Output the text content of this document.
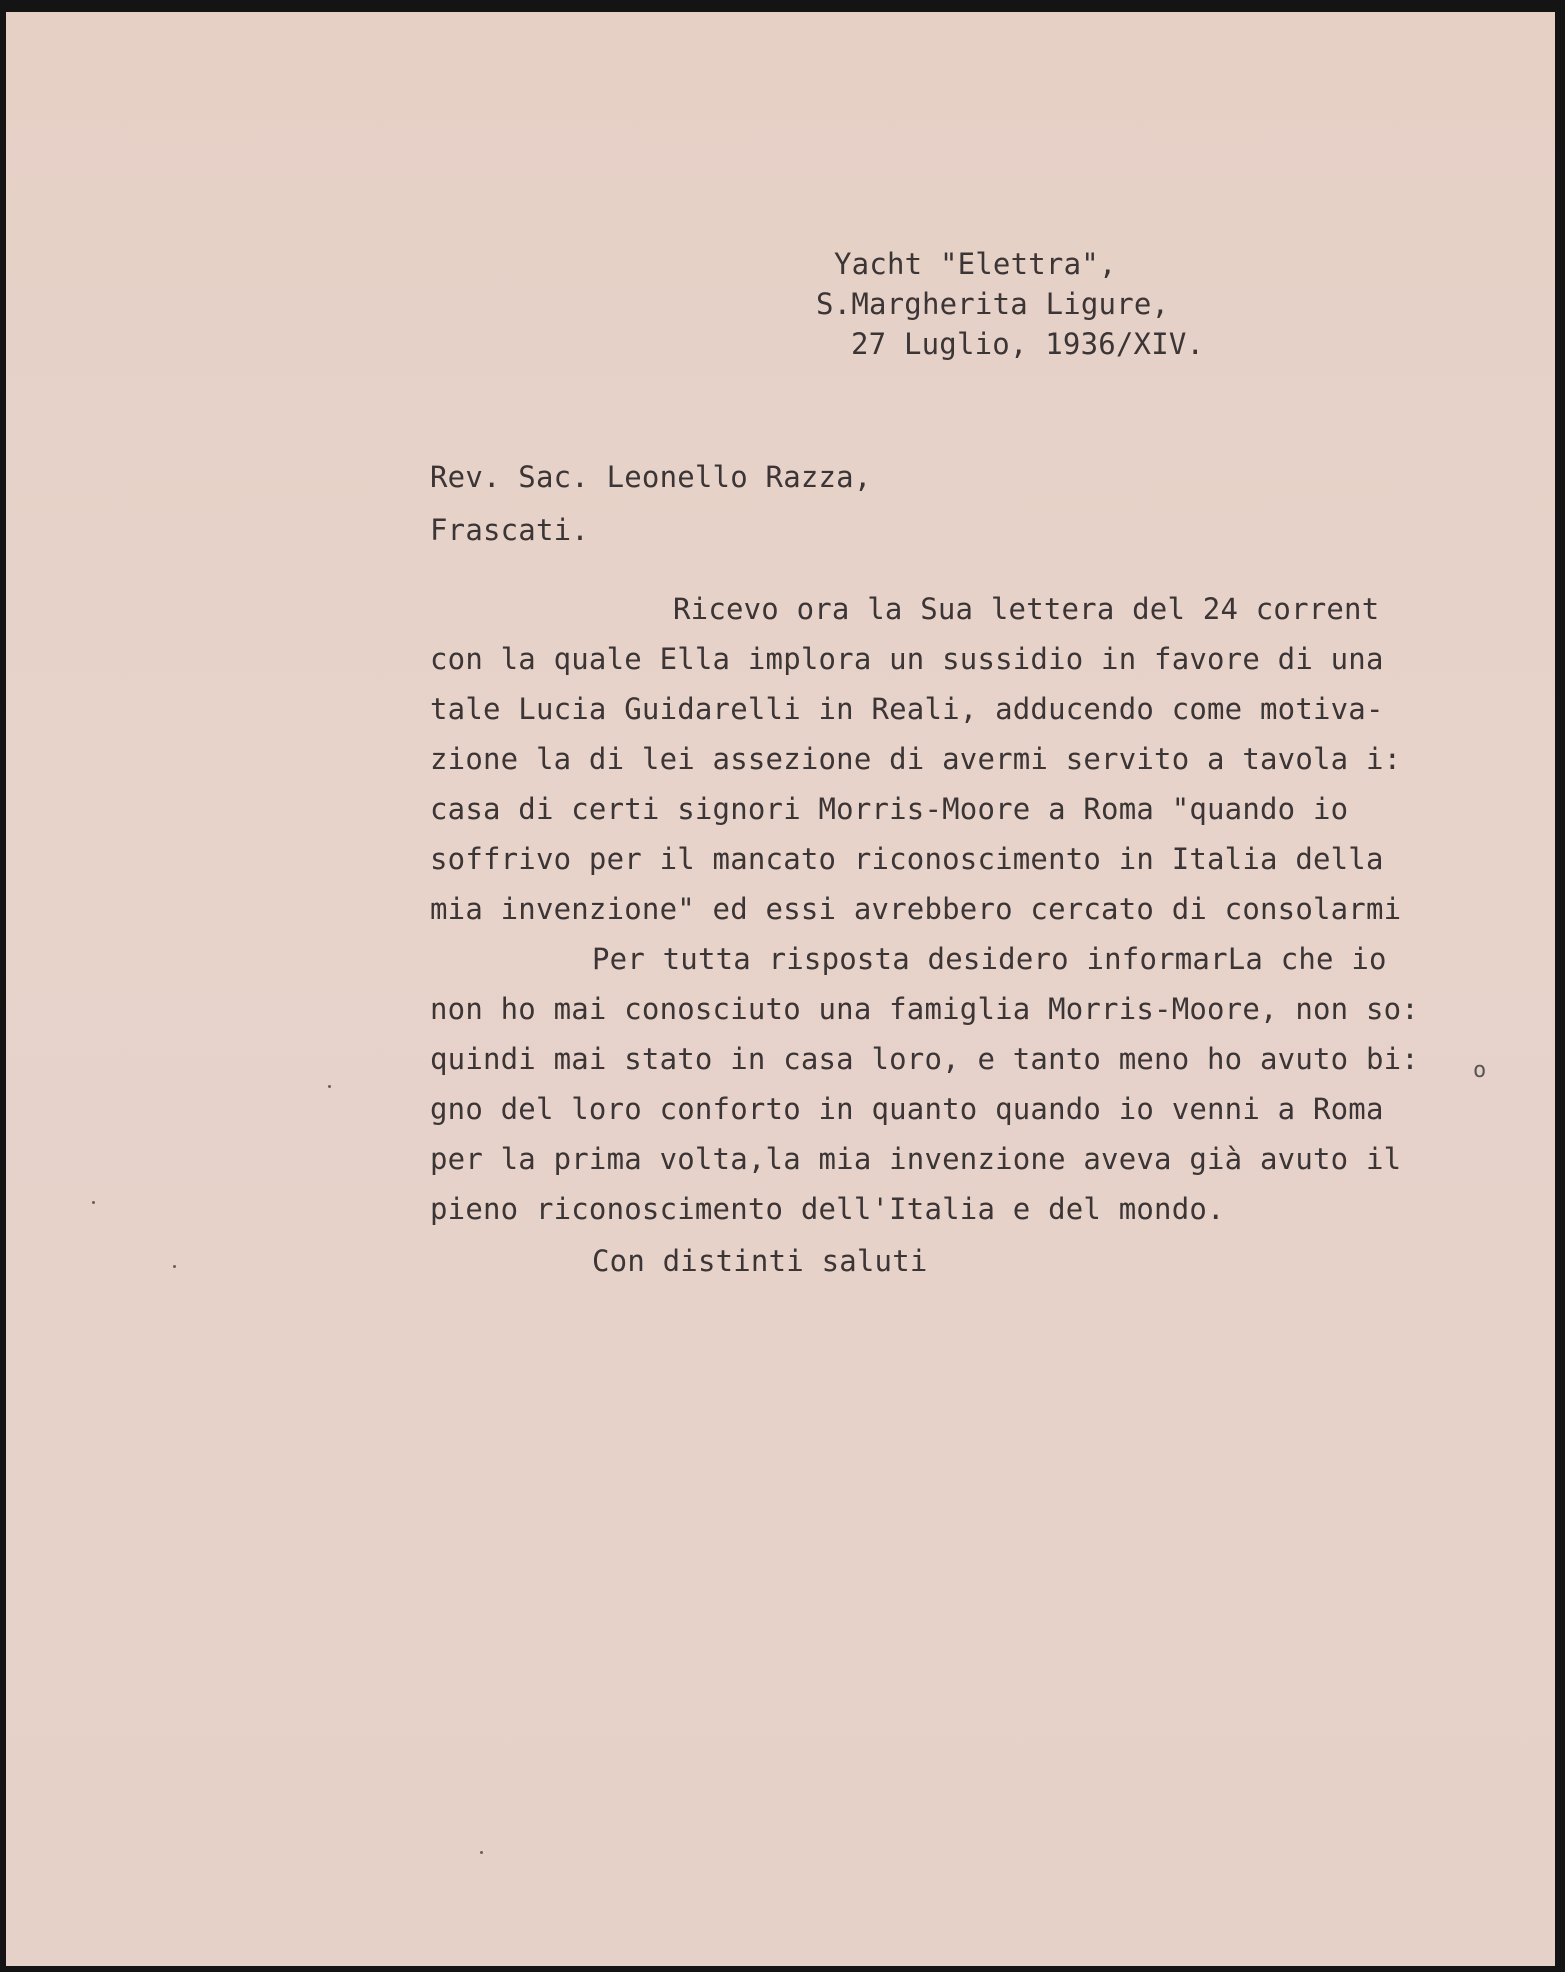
Yacht "Elettra",
S.Margherita Ligure,
27 Luglio, 1936/XIV.
Rev. Sac. Leonello Razza,
Frascati.
Ricevo ora la Sua lettera del 24 corrent
con la quale Ella implora un sussidio in favore di una
tale Lucia Guidarelli in Reali, adducendo come motiva-
zione la di lei assezione di avermi servito a tavola i:
casa di certi signori Morris-Moore a Roma "quando io
soffrivo per il mancato riconoscimento in Italia della
mia invenzione" ed essi avrebbero cercato di consolarmi
Per tutta risposta desidero informarLa che io
non ho mai conosciuto una famiglia Morris-Moore, non so:
quindi mai stato in casa loro, e tanto meno ho avuto bi:
gno del loro conforto in quanto quando io venni a Roma
per la prima volta,la mia invenzione aveva già avuto il
pieno riconoscimento dell'Italia e del mondo.
Con distinti saluti
o
